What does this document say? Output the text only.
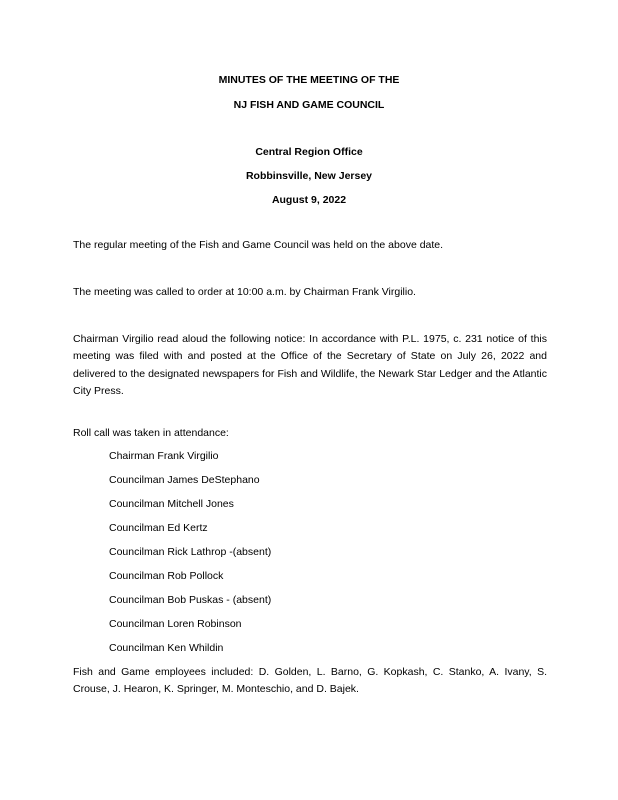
MINUTES OF THE MEETING OF THE
NJ FISH AND GAME COUNCIL
Central Region Office
Robbinsville, New Jersey
August 9, 2022
The regular meeting of the Fish and Game Council was held on the above date.
The meeting was called to order at 10:00 a.m. by Chairman Frank Virgilio.
Chairman Virgilio read aloud the following notice: In accordance with P.L. 1975, c. 231 notice of this meeting was filed with and posted at the Office of the Secretary of State on July 26, 2022 and delivered to the designated newspapers for Fish and Wildlife, the Newark Star Ledger and the Atlantic City Press.
Roll call was taken in attendance:
Chairman Frank Virgilio
Councilman James DeStephano
Councilman Mitchell Jones
Councilman Ed Kertz
Councilman Rick Lathrop -(absent)
Councilman Rob Pollock
Councilman Bob Puskas - (absent)
Councilman Loren Robinson
Councilman Ken Whildin
Fish and Game employees included: D. Golden, L. Barno, G. Kopkash, C. Stanko, A. Ivany, S. Crouse, J. Hearon, K. Springer, M. Monteschio, and D. Bajek.
